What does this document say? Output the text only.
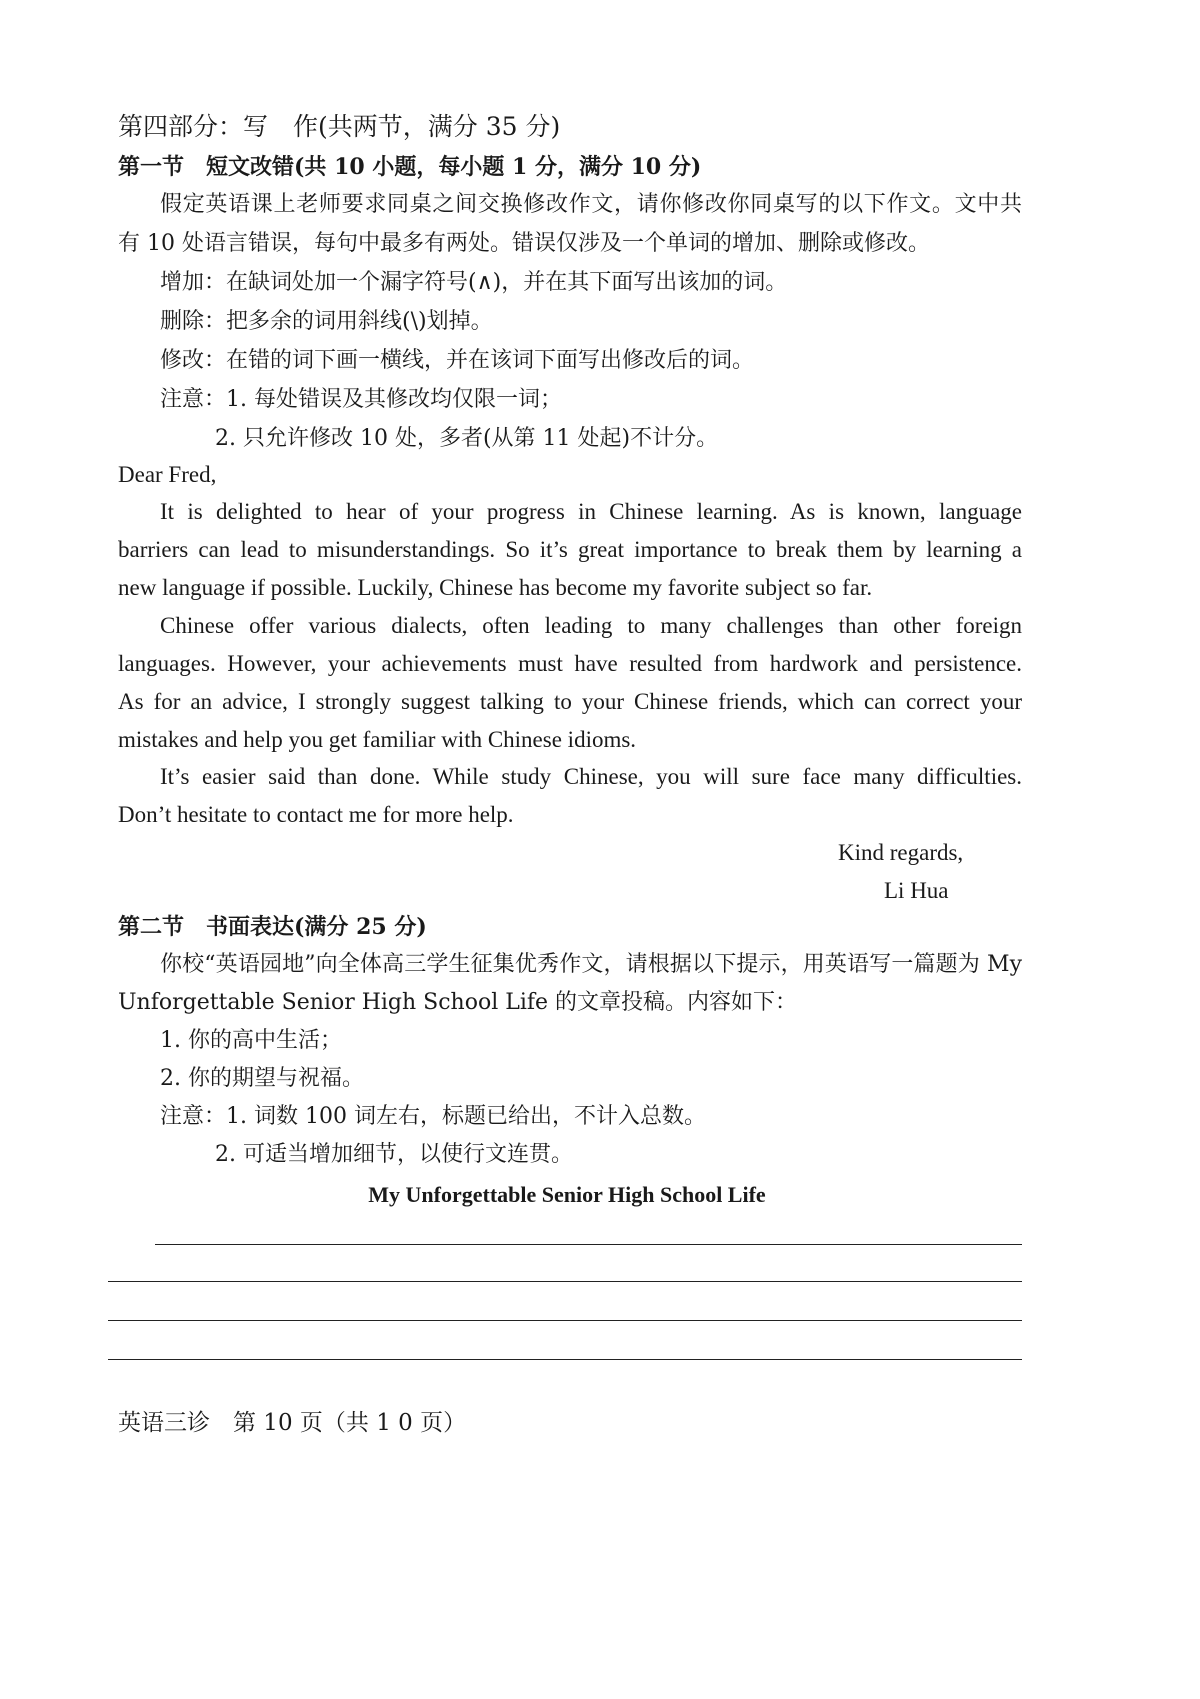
第四部分：写　作(共两节，满分 35 分)
第一节　短文改错(共 10 小题，每小题 1 分，满分 10 分)
假定英语课上老师要求同桌之间交换修改作文，请你修改你同桌写的以下作文。文中共
有 10 处语言错误，每句中最多有两处。错误仅涉及一个单词的增加、删除或修改。
增加：在缺词处加一个漏字符号(∧)，并在其下面写出该加的词。
删除：把多余的词用斜线(\)划掉。
修改：在错的词下画一横线，并在该词下面写出修改后的词。
注意：1. 每处错误及其修改均仅限一词；
2. 只允许修改 10 处，多者(从第 11 处起)不计分。
Dear Fred,
It is delighted to hear of your progress in Chinese learning. As is known, language
barriers can lead to misunderstandings. So it’s great importance to break them by learning a
new language if possible. Luckily, Chinese has become my favorite subject so far.
Chinese offer various dialects, often leading to many challenges than other foreign
languages. However, your achievements must have resulted from hardwork and persistence.
As for an advice, I strongly suggest talking to your Chinese friends, which can correct your
mistakes and help you get familiar with Chinese idioms.
It’s easier said than done. While study Chinese, you will sure face many difficulties.
Don’t hesitate to contact me for more help.
Kind regards,
Li Hua
第二节　书面表达(满分 25 分)
你校“英语园地”向全体高三学生征集优秀作文，请根据以下提示，用英语写一篇题为 My
Unforgettable Senior High School Life 的文章投稿。内容如下：
1. 你的高中生活；
2. 你的期望与祝福。
注意：1. 词数 100 词左右，标题已给出，不计入总数。
2. 可适当增加细节，以使行文连贯。
My Unforgettable Senior High School Life
英语三诊　第 10 页（共 1 0 页）
